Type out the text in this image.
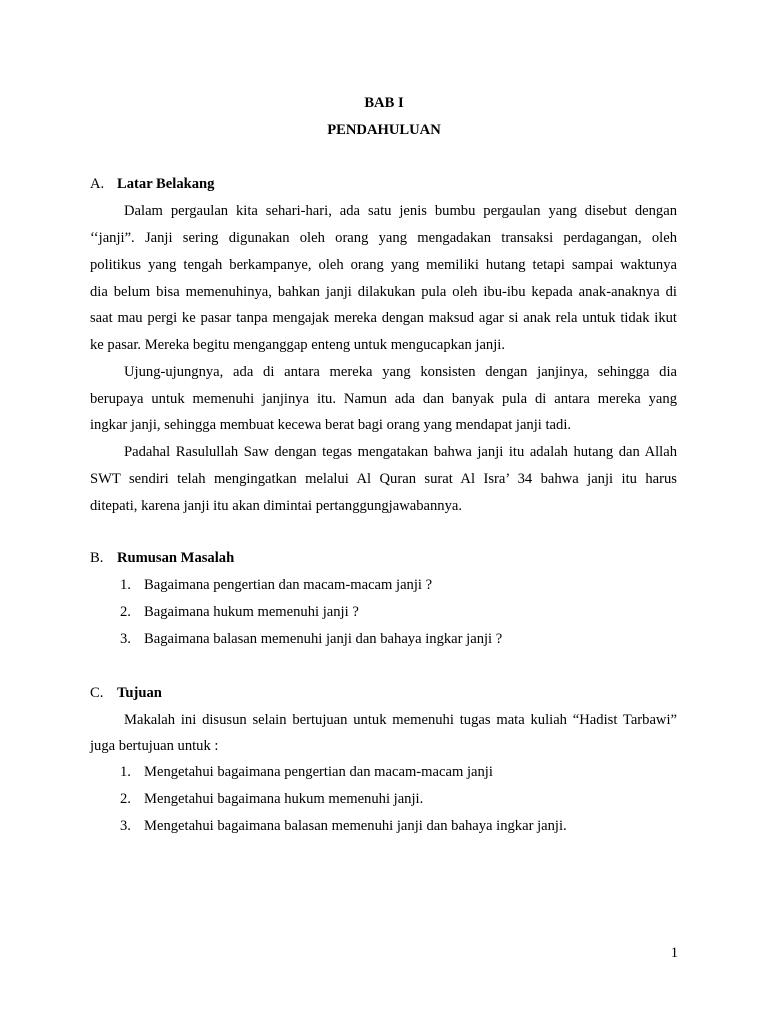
BAB I
PENDAHULUAN
A. Latar Belakang
Dalam pergaulan kita sehari-hari, ada satu jenis bumbu pergaulan yang disebut dengan
‘‘janji”. Janji sering digunakan oleh orang yang mengadakan transaksi perdagangan, oleh
politikus yang tengah berkampanye, oleh orang yang memiliki hutang tetapi sampai waktunya
dia belum bisa memenuhinya, bahkan janji dilakukan pula oleh ibu-ibu kepada anak-anaknya di
saat mau pergi ke pasar tanpa mengajak mereka dengan maksud agar si anak rela untuk tidak ikut
ke pasar. Mereka begitu menganggap enteng untuk mengucapkan janji.
Ujung-ujungnya, ada di antara mereka yang konsisten dengan janjinya, sehingga dia
berupaya untuk memenuhi janjinya itu. Namun ada dan banyak pula di antara mereka yang
ingkar janji, sehingga membuat kecewa berat bagi orang yang mendapat janji tadi.
Padahal Rasulullah Saw dengan tegas mengatakan bahwa janji itu adalah hutang dan Allah
SWT sendiri telah mengingatkan melalui Al Quran surat Al Isra’ 34 bahwa janji itu harus
ditepati, karena janji itu akan dimintai pertanggungjawabannya.
B. Rumusan Masalah
1. Bagaimana pengertian dan macam-macam janji ?
2. Bagaimana hukum memenuhi janji ?
3. Bagaimana balasan memenuhi janji dan bahaya ingkar janji ?
C. Tujuan
Makalah ini disusun selain bertujuan untuk memenuhi tugas mata kuliah “Hadist Tarbawi”
juga bertujuan untuk :
1. Mengetahui bagaimana pengertian dan macam-macam janji
2. Mengetahui bagaimana hukum memenuhi janji.
3. Mengetahui bagaimana balasan memenuhi janji dan bahaya ingkar janji.
1
